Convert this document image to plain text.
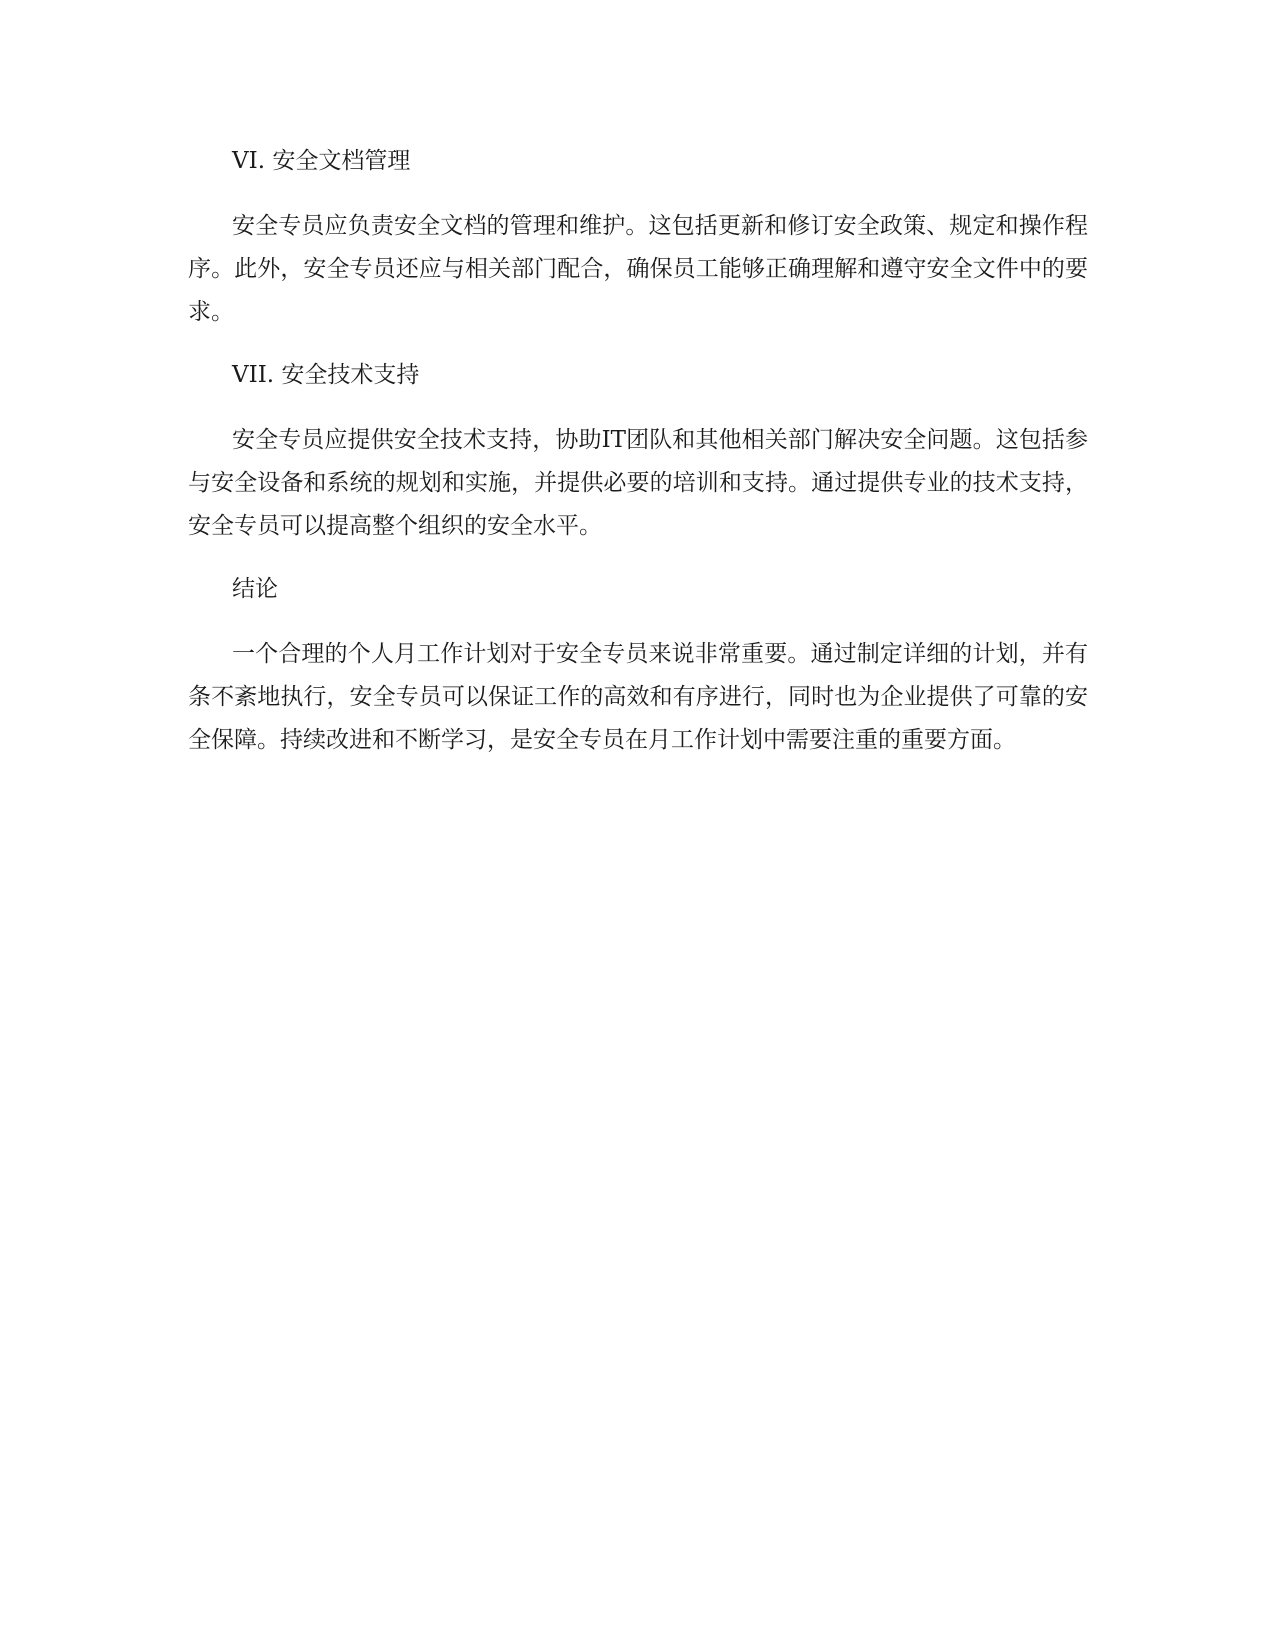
VI. 安全文档管理

安全专员应负责安全文档的管理和维护。这包括更新和修订安全政策、规定和操作程序。此外，安全专员还应与相关部门配合，确保员工能够正确理解和遵守安全文件中的要求。

VII. 安全技术支持

安全专员应提供安全技术支持，协助IT团队和其他相关部门解决安全问题。这包括参与安全设备和系统的规划和实施，并提供必要的培训和支持。通过提供专业的技术支持，安全专员可以提高整个组织的安全水平。

结论

一个合理的个人月工作计划对于安全专员来说非常重要。通过制定详细的计划，并有条不紊地执行，安全专员可以保证工作的高效和有序进行，同时也为企业提供了可靠的安全保障。持续改进和不断学习，是安全专员在月工作计划中需要注重的重要方面。
